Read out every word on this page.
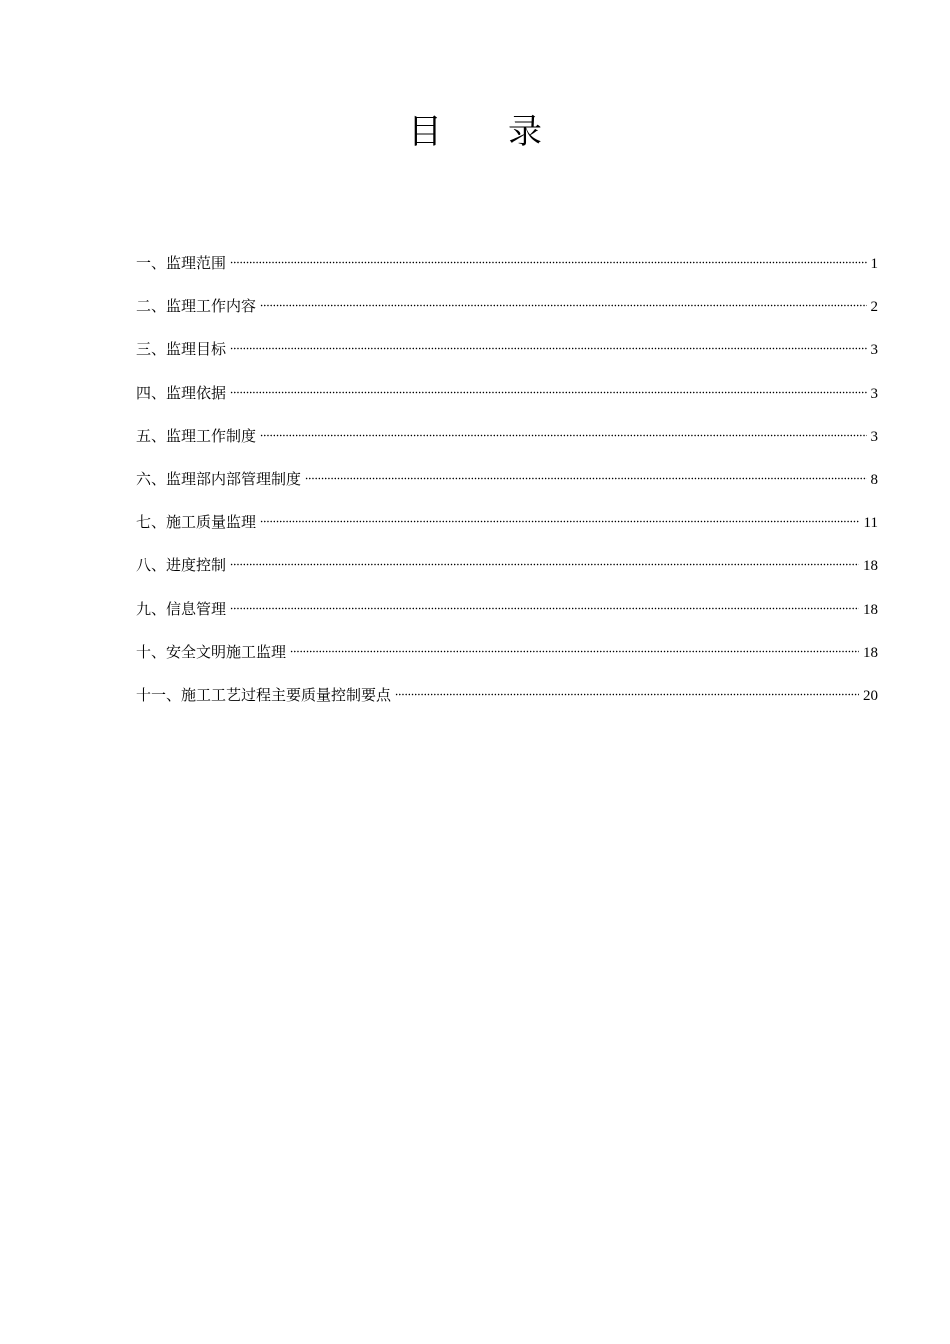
目 录
一、监理范围	1
二、监理工作内容	2
三、监理目标	3
四、监理依据	3
五、监理工作制度	3
六、监理部内部管理制度	8
七、施工质量监理	11
八、进度控制	18
九、信息管理	18
十、安全文明施工监理	18
十一、施工工艺过程主要质量控制要点	20
